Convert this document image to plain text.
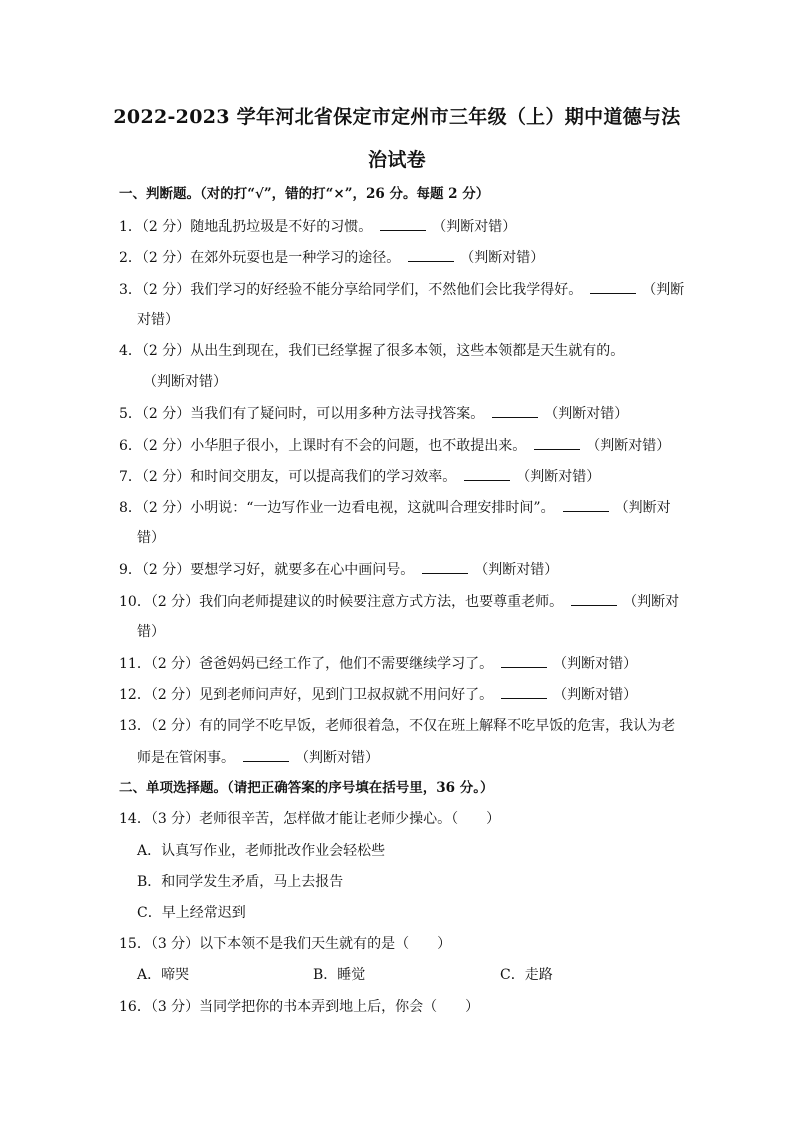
2022-2023 学年河北省保定市定州市三年级（上）期中道德与法
治试卷
一、判断题。（对的打“√”，错的打“×”，26 分。每题 2 分）
1．（2 分）随地乱扔垃圾是不好的习惯。	（判断对错）
2．（2 分）在郊外玩耍也是一种学习的途径。	（判断对错）
3．（2 分）我们学习的好经验不能分享给同学们，不然他们会比我学得好。	（判断
对错）
4．（2 分）从出生到现在，我们已经掌握了很多本领，这些本领都是天生就有的。
（判断对错）
5．（2 分）当我们有了疑问时，可以用多种方法寻找答案。	（判断对错）
6．（2 分）小华胆子很小，上课时有不会的问题，也不敢提出来。	（判断对错）
7．（2 分）和时间交朋友，可以提高我们的学习效率。	（判断对错）
8．（2 分）小明说：“一边写作业一边看电视，这就叫合理安排时间”。	（判断对
错）
9．（2 分）要想学习好，就要多在心中画问号。	（判断对错）
10．（2 分）我们向老师提建议的时候要注意方式方法，也要尊重老师。	（判断对
错）
11．（2 分）爸爸妈妈已经工作了，他们不需要继续学习了。	（判断对错）
12．（2 分）见到老师问声好，见到门卫叔叔就不用问好了。	（判断对错）
13．（2 分）有的同学不吃早饭，老师很着急，不仅在班上解释不吃早饭的危害，我认为老
师是在管闲事。	（判断对错）
二、单项选择题。（请把正确答案的序号填在括号里，36 分。）
14．（3 分）老师很辛苦，怎样做才能让老师少操心。（　　）
A．认真写作业，老师批改作业会轻松些
B．和同学发生矛盾，马上去报告
C．早上经常迟到
15．（3 分）以下本领不是我们天生就有的是（　　）
A．啼哭	B．睡觉	C．走路
16．（3 分）当同学把你的书本弄到地上后，你会（　　）
